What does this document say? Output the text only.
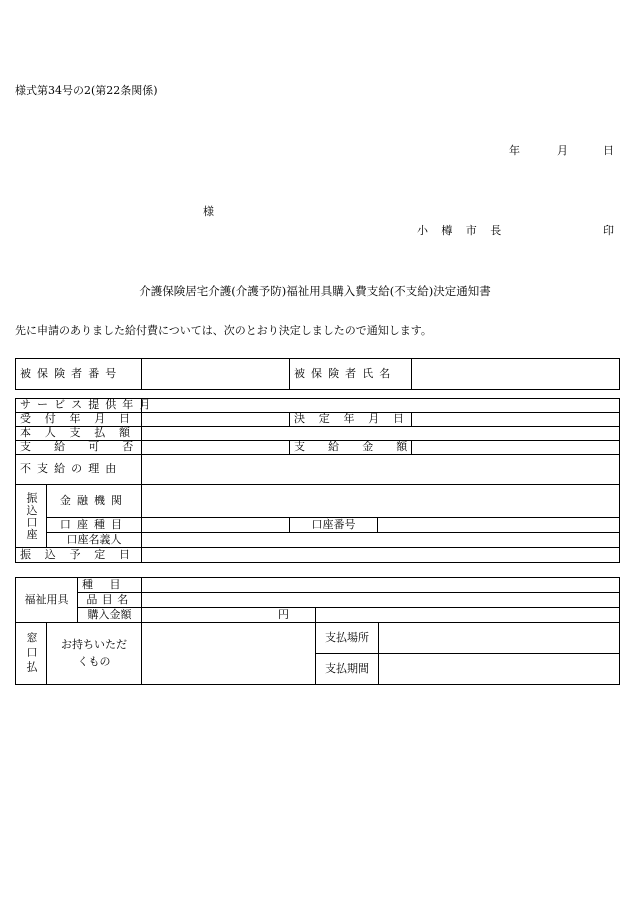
様式第34号の2(第22条関係)
年	月	日
様
小 樽 市 長	印
介護保険居宅介護(介護予防)福祉用具購入費支給(不支給)決定通知書
先に申請のありました給付費については、次のとおり決定しましたので通知します。
被保険者番号		被保険者氏名	
サービス提供年月					
受付年月日			決定年月日		
本人支払額					
支給可否			支給金額		
不支給の理由					

振込口座	金融機関				
	口座種目		口座番号		
	口座名義人				
振込予定日					
福祉用具		種目			
		品目名			
		購入金額	円		

窓口払	お持ちいただくもの			支払場所	
				支払期間	
